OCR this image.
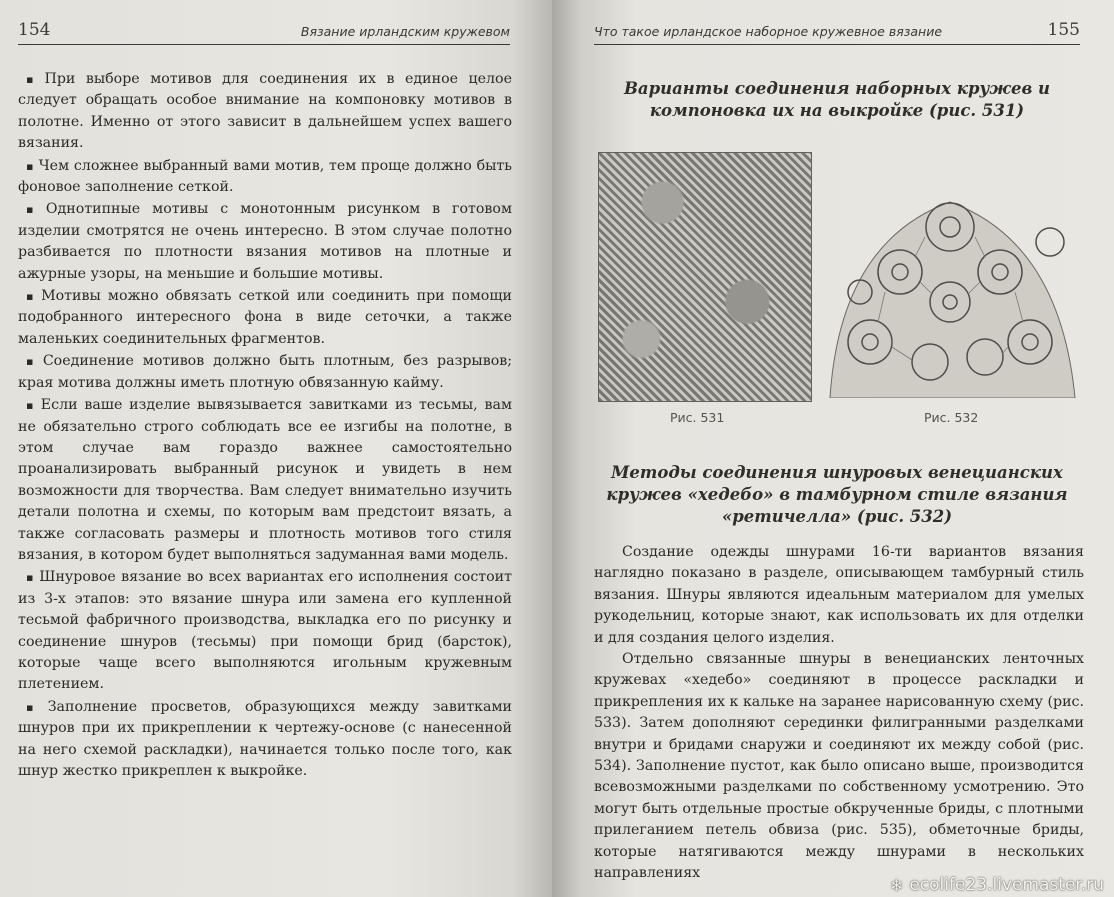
154	Вязание ирландским кружевом

▪ При выборе мотивов для соединения их в единое целое следует обращать особое внимание на компоновку мотивов в полотне. Именно от этого зависит в дальнейшем успех вашего вязания.

▪ Чем сложнее выбранный вами мотив, тем проще должно быть фоновое заполнение сеткой.

▪ Однотипные мотивы с монотонным рисунком в готовом изделии смотрятся не очень интересно. В этом случае полотно разбивается по плотности вязания мотивов на плотные и ажурные узоры, на меньшие и большие мотивы.

▪ Мотивы можно обвязать сеткой или соединить при помощи подобранного интересного фона в виде сеточки, а также маленьких соединительных фрагментов.

▪ Соединение мотивов должно быть плотным, без разрывов; края мотива должны иметь плотную обвязанную кайму.

▪ Если ваше изделие вывязывается завитками из тесьмы, вам не обязательно строго соблюдать все ее изгибы на полотне, в этом случае вам гораздо важнее самостоятельно проанализировать выбранный рисунок и увидеть в нем возможности для творчества. Вам следует внимательно изучить детали полотна и схемы, по которым вам предстоит вязать, а также согласовать размеры и плотность мотивов того стиля вязания, в котором будет выполняться задуманная вами модель.

▪ Шнуровое вязание во всех вариантах его исполнения состоит из 3-х этапов: это вязание шнура или замена его купленной тесьмой фабричного производства, выкладка его по рисунку и соединение шнуров (тесьмы) при помощи брид (барсток), которые чаще всего выполняются игольным кружевным плетением.

▪ Заполнение просветов, образующихся между завитками шнуров при их прикреплении к чертежу-основе (с нанесенной на него схемой раскладки), начинается только после того, как шнур жестко прикреплен к выкройке.

Что такое ирландское наборное кружевное вязание	155
Варианты соединения наборных кружев и компоновка их на выкройке (рис. 531)
Рис. 531	Рис. 532
Методы соединения шнуровых венецианских кружев «хедебо» в тамбурном стиле вязания «ретичелла» (рис. 532)

Создание одежды шнурами 16-ти вариантов вязания наглядно показано в разделе, описывающем тамбурный стиль вязания. Шнуры являются идеальным материалом для умелых рукодельниц, которые знают, как использовать их для отделки и для создания целого изделия.

Отдельно связанные шнуры в венецианских ленточных кружевах «хедебо» соединяют в процессе раскладки и прикрепления их к кальке на заранее нарисованную схему (рис. 533). Затем дополняют серединки филигранными разделками внутри и бридами снаружи и соединяют их между собой (рис. 534). Заполнение пустот, как было описано выше, производится всевозможными разделками по собственному усмотрению. Это могут быть отдельные простые обкрученные бриды, с плотными прилеганием петель обвиза (рис. 535), обметочные бриды, которые натягиваются между шнурами в нескольких направлениях

❄ ecolife23.livemaster.ru
